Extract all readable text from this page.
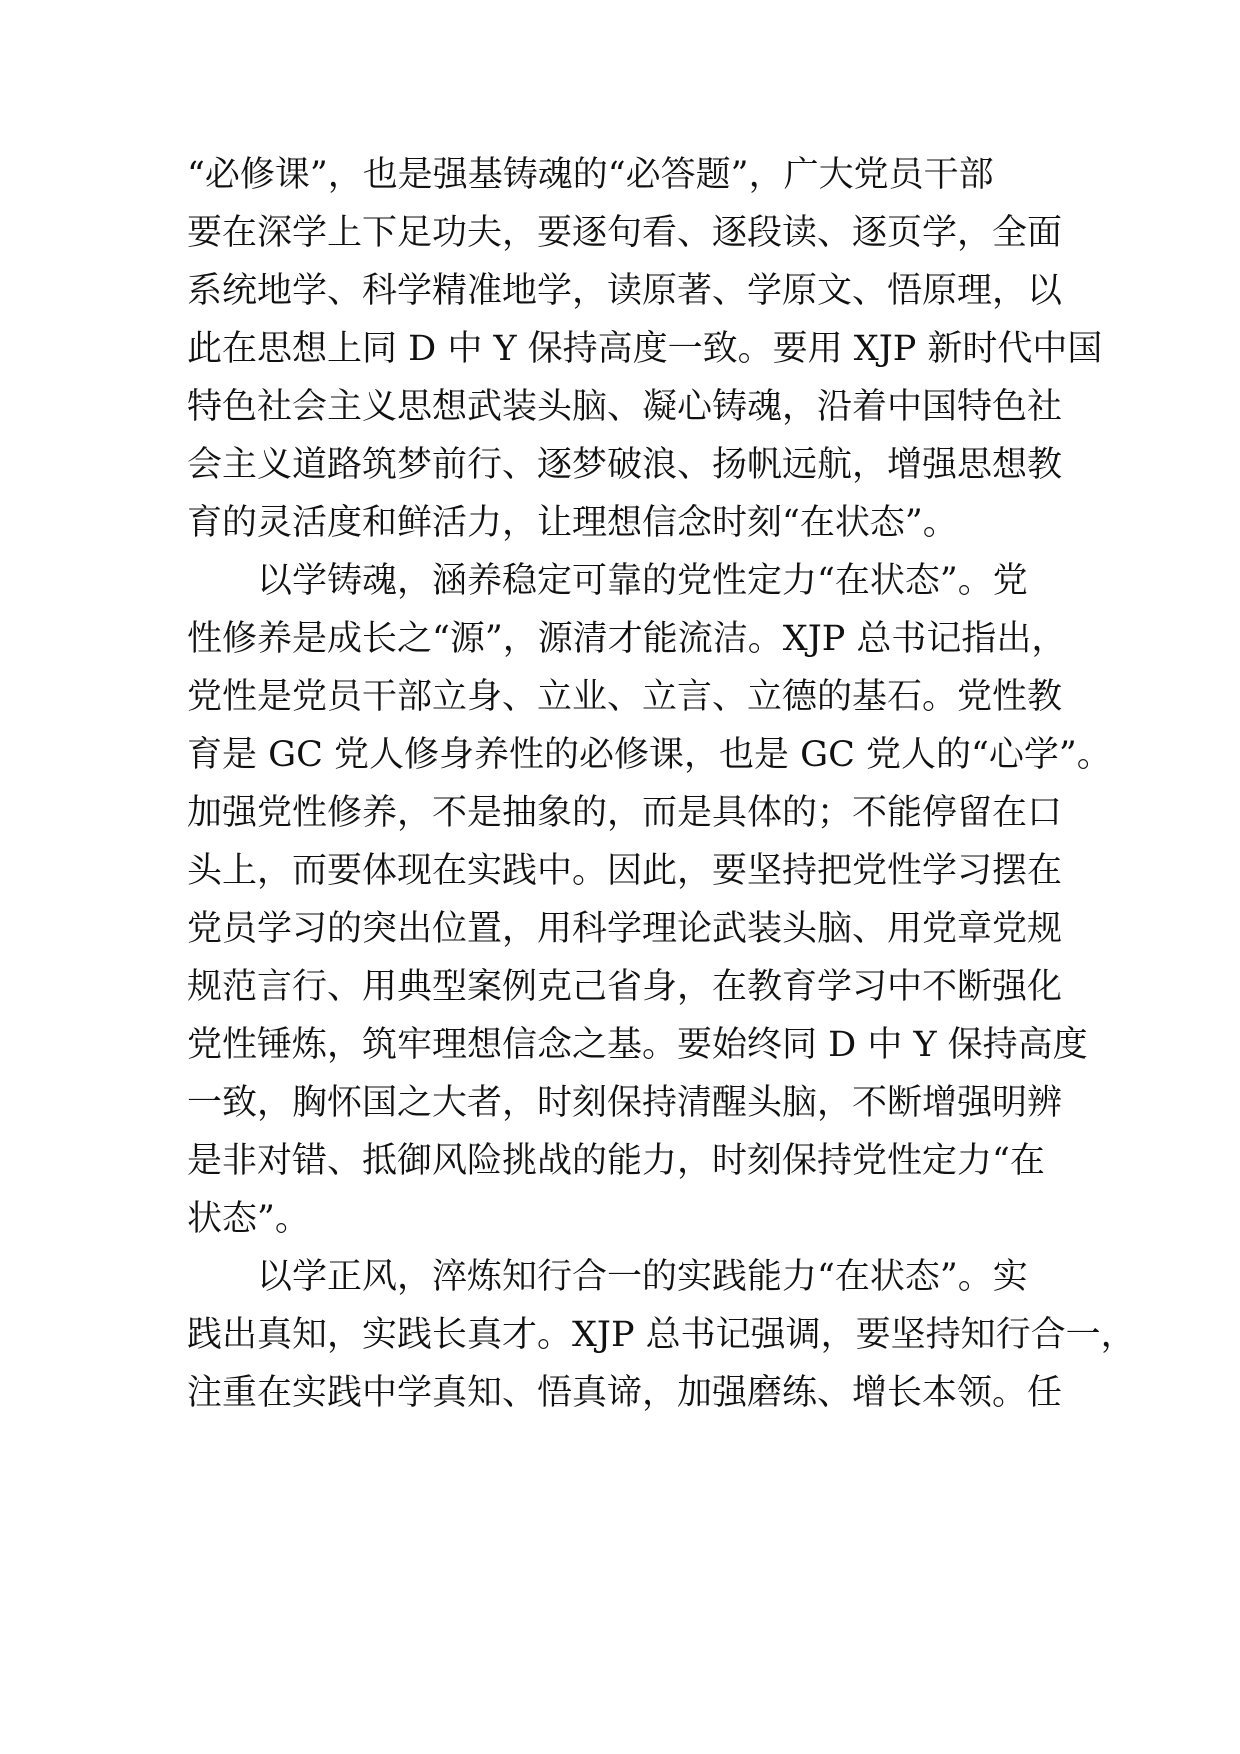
“必修课”，也是强基铸魂的“必答题”，广大党员干部
要在深学上下足功夫，要逐句看、逐段读、逐页学，全面
系统地学、科学精准地学，读原著、学原文、悟原理，以
此在思想上同 D 中 Y 保持高度一致。要用 XJP 新时代中国
特色社会主义思想武装头脑、凝心铸魂，沿着中国特色社
会主义道路筑梦前行、逐梦破浪、扬帆远航，增强思想教
育的灵活度和鲜活力，让理想信念时刻“在状态”。
以学铸魂，涵养稳定可靠的党性定力“在状态”。党
性修养是成长之“源”，源清才能流洁。XJP 总书记指出，
党性是党员干部立身、立业、立言、立德的基石。党性教
育是 GC 党人修身养性的必修课，也是 GC 党人的“心学”。
加强党性修养，不是抽象的，而是具体的；不能停留在口
头上，而要体现在实践中。因此，要坚持把党性学习摆在
党员学习的突出位置，用科学理论武装头脑、用党章党规
规范言行、用典型案例克己省身，在教育学习中不断强化
党性锤炼，筑牢理想信念之基。要始终同 D 中 Y 保持高度
一致，胸怀国之大者，时刻保持清醒头脑，不断增强明辨
是非对错、抵御风险挑战的能力，时刻保持党性定力“在
状态”。
以学正风，淬炼知行合一的实践能力“在状态”。实
践出真知，实践长真才。XJP 总书记强调，要坚持知行合一，
注重在实践中学真知、悟真谛，加强磨练、增长本领。任
